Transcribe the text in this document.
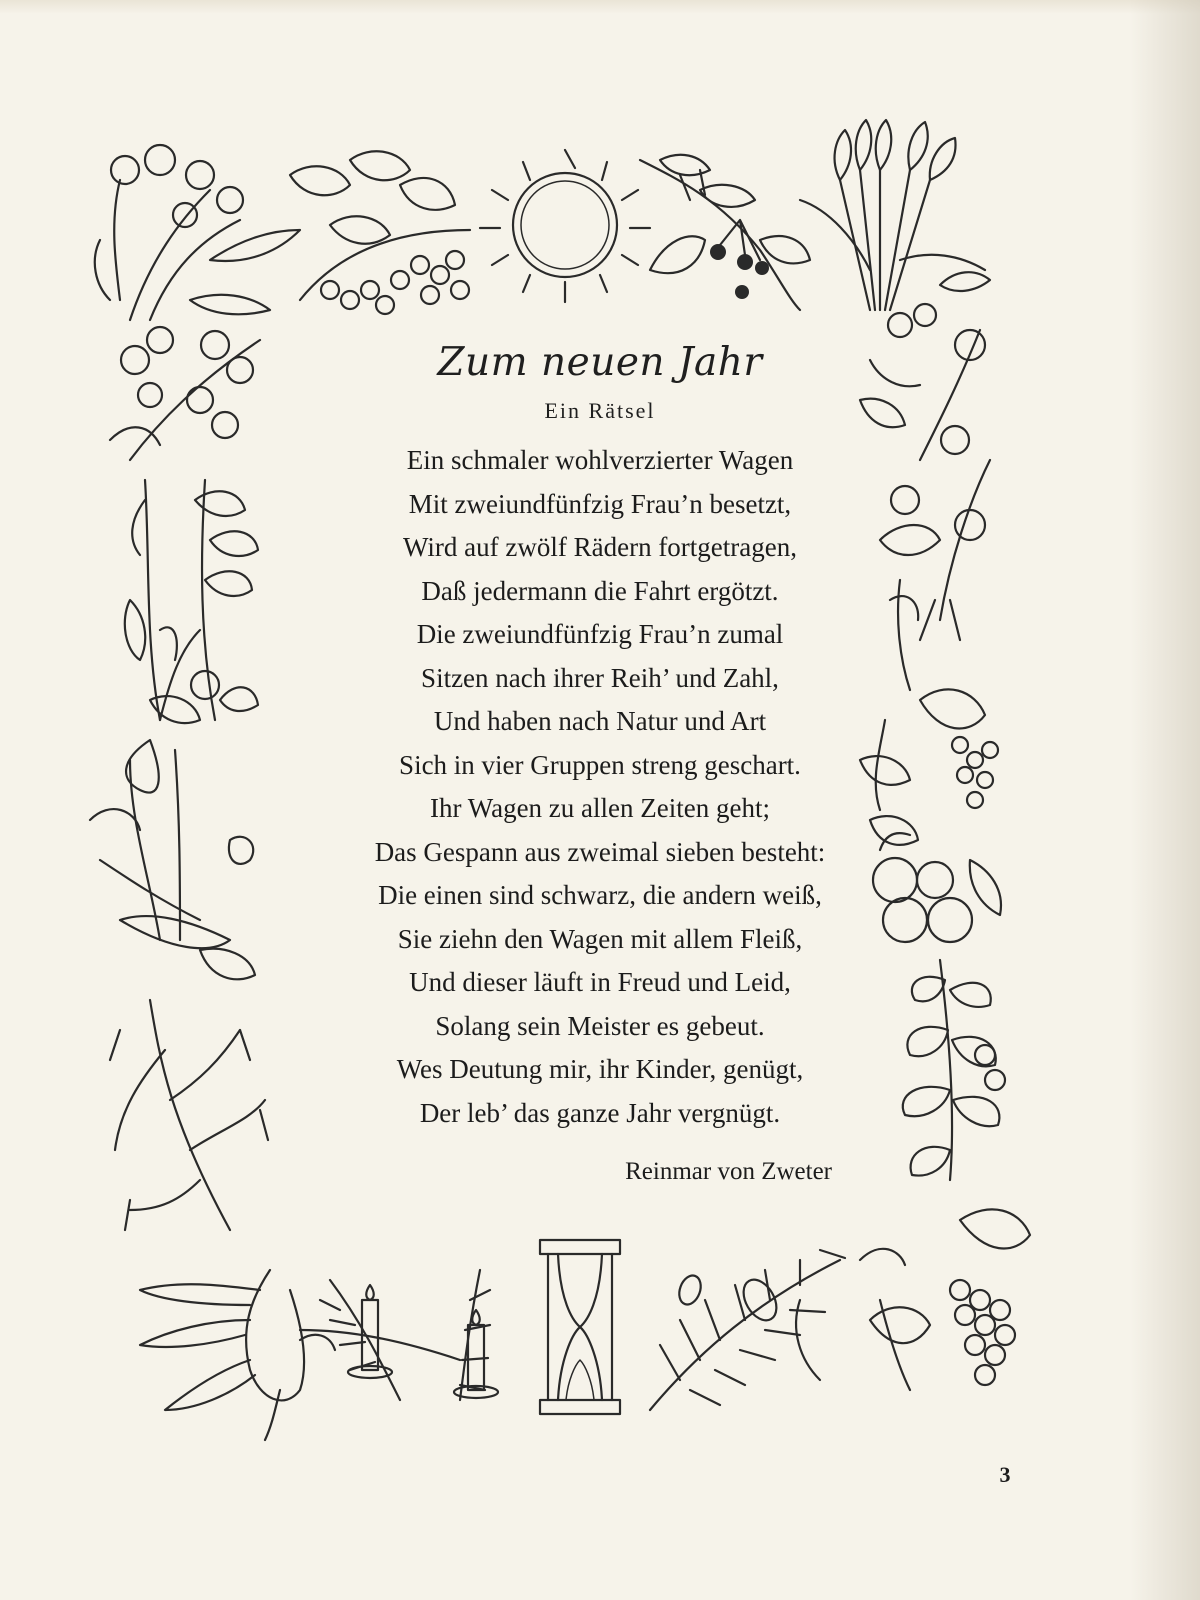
Zum neuen Jahr
Ein Rätsel
Ein schmaler wohlverzierter Wagen
Mit zweiundfünfzig Frau’n besetzt,
Wird auf zwölf Rädern fortgetragen,
Daß jedermann die Fahrt ergötzt.
Die zweiundfünfzig Frau’n zumal
Sitzen nach ihrer Reih’ und Zahl,
Und haben nach Natur und Art
Sich in vier Gruppen streng geschart.
Ihr Wagen zu allen Zeiten geht;
Das Gespann aus zweimal sieben besteht:
Die einen sind schwarz, die andern weiß,
Sie ziehn den Wagen mit allem Fleiß,
Und dieser läuft in Freud und Leid,
Solang sein Meister es gebeut.
Wes Deutung mir, ihr Kinder, genügt,
Der leb’ das ganze Jahr vergnügt.
Reinmar von Zweter
3
